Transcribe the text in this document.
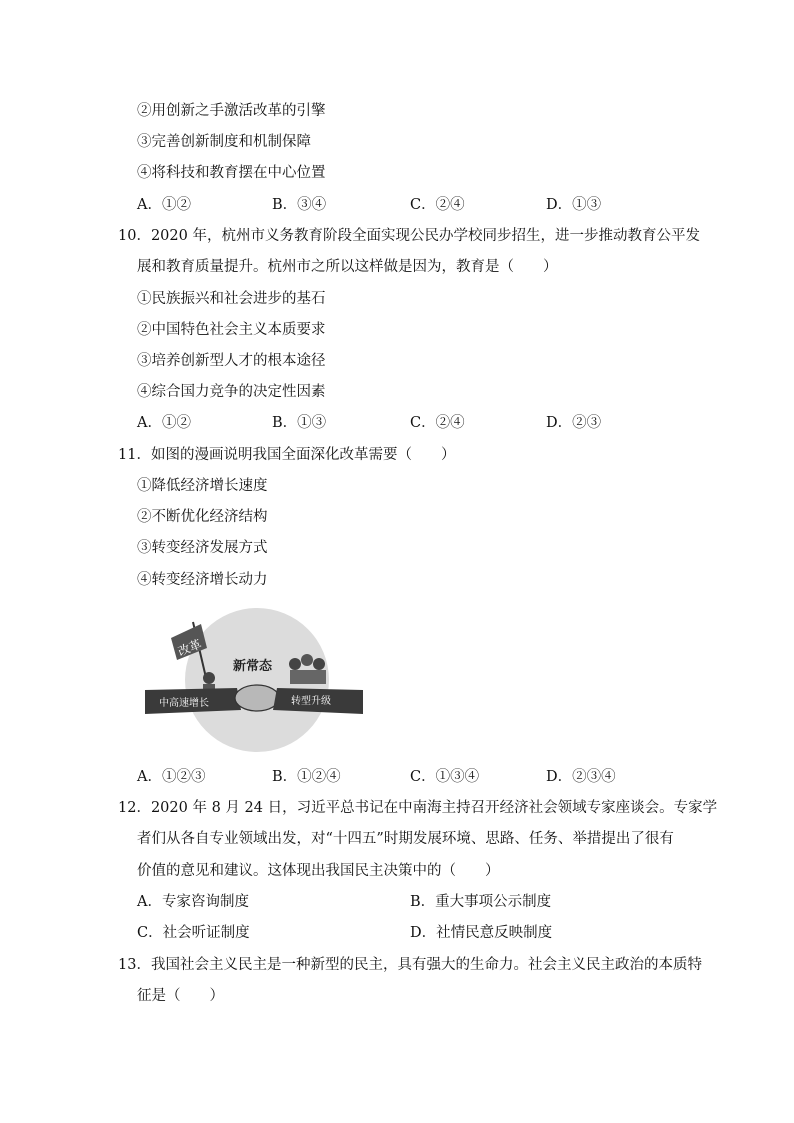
②用创新之手激活改革的引擎
③完善创新制度和机制保障
④将科技和教育摆在中心位置
A．①②	B．③④	C．②④	D．①③
10．2020 年，杭州市义务教育阶段全面实现公民办学校同步招生，进一步推动教育公平发
展和教育质量提升。杭州市之所以这样做是因为，教育是（　　）
①民族振兴和社会进步的基石
②中国特色社会主义本质要求
③培养创新型人才的根本途径
④综合国力竞争的决定性因素
A．①②	B．①③	C．②④	D．②③
11．如图的漫画说明我国全面深化改革需要（　　）
①降低经济增长速度
②不断优化经济结构
③转变经济发展方式
④转变经济增长动力
改革
新常态
中高速增长	转型升级
A．①②③	B．①②④	C．①③④	D．②③④
12．2020 年 8 月 24 日，习近平总书记在中南海主持召开经济社会领域专家座谈会。专家学
者们从各自专业领域出发，对“十四五”时期发展环境、思路、任务、举措提出了很有
价值的意见和建议。这体现出我国民主决策中的（　　）
A．专家咨询制度	B．重大事项公示制度
C．社会听证制度	D．社情民意反映制度
13．我国社会主义民主是一种新型的民主，具有强大的生命力。社会主义民主政治的本质特
征是（　　）
